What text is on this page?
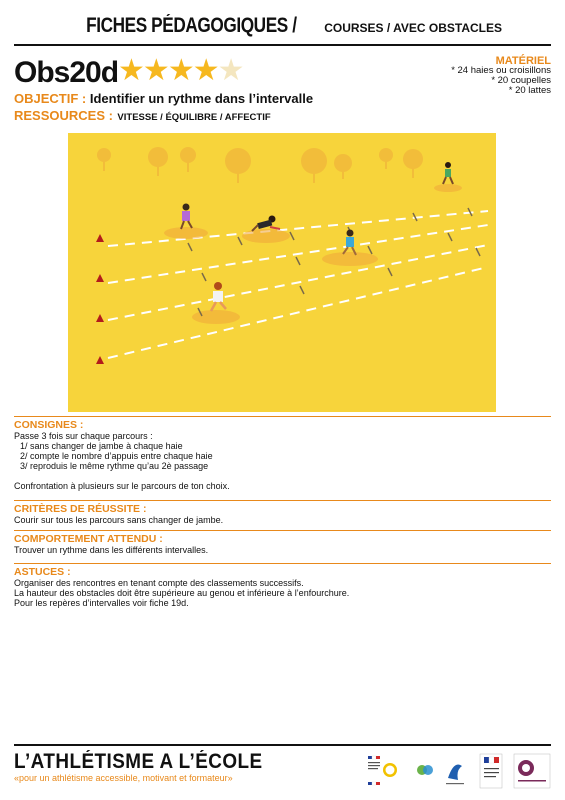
FICHES PÉDAGOGIQUES / COURSES / AVEC OBSTACLES
Obs20d ★★★★★	MATÉRIEL
* 24 haies ou croisillons
* 20 coupelles
* 20 lattes
OBJECTIF : Identifier un rythme dans l’intervalle
RESSOURCES : VITESSE / ÉQUILIBRE / AFFECTIF
CONSIGNES :
Passe 3 fois sur chaque parcours :
1/ sans changer de jambe à chaque haie
2/ compte le nombre d’appuis entre chaque haie
3/ reproduis le même rythme qu’au 2è passage
Confrontation à plusieurs sur le parcours de ton choix.
CRITÈRES DE RÉUSSITE :
Courir sur tous les parcours sans changer de jambe.
COMPORTEMENT ATTENDU :
Trouver un rythme dans les différents intervalles.
ASTUCES :
Organiser des rencontres en tenant compte des classements successifs.
La hauteur des obstacles doit être supérieure au genou et inférieure à l’enfourchure.
Pour les repères d’intervalles voir fiche 19d.
L’ATHLÉTISME A L’ÉCOLE
«pour un athlétisme accessible, motivant et formateur»
